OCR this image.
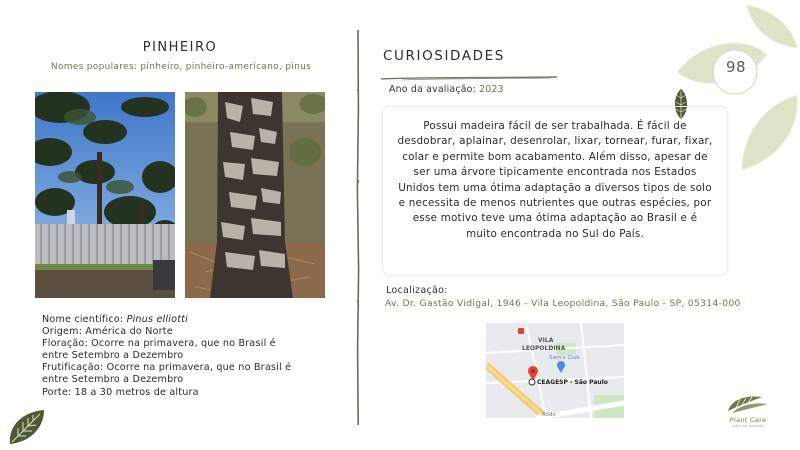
PINHEIRO
Nomes populares: pinheiro, pinheiro-americano, pinus
Nome científico: Pinus elliotti
Origem: América do Norte
Floração: Ocorre na primavera, que no Brasil é
entre Setembro a Dezembro
Frutificação: Ocorre na primavera, que no Brasil é
entre Setembro a Dezembro
Porte: 18 a 30 metros de altura
CURIOSIDADES
Ano da avaliação: 2023
Possui madeira fácil de ser trabalhada. É fácil de desdobrar, aplainar, desenrolar, lixar, tornear, furar, fixar, colar e permite bom acabamento. Além disso, apesar de ser uma árvore tipicamente encontrada nos Estados Unidos tem uma ótima adaptação a diversos tipos de solo e necessita de menos nutrientes que outras espécies, por esse motivo teve uma ótima adaptação ao Brasil e é muito encontrada no Sul do País.
Localização:
Av. Dr. Gastão Vidigal, 1946 - Vila Leopoldina, São Paulo - SP, 05314-000
VILA
LEOPOLDINA
Sam's Club
CEAGESP - São Paulo
Rodo
98
Plant Care
guia de plantas
